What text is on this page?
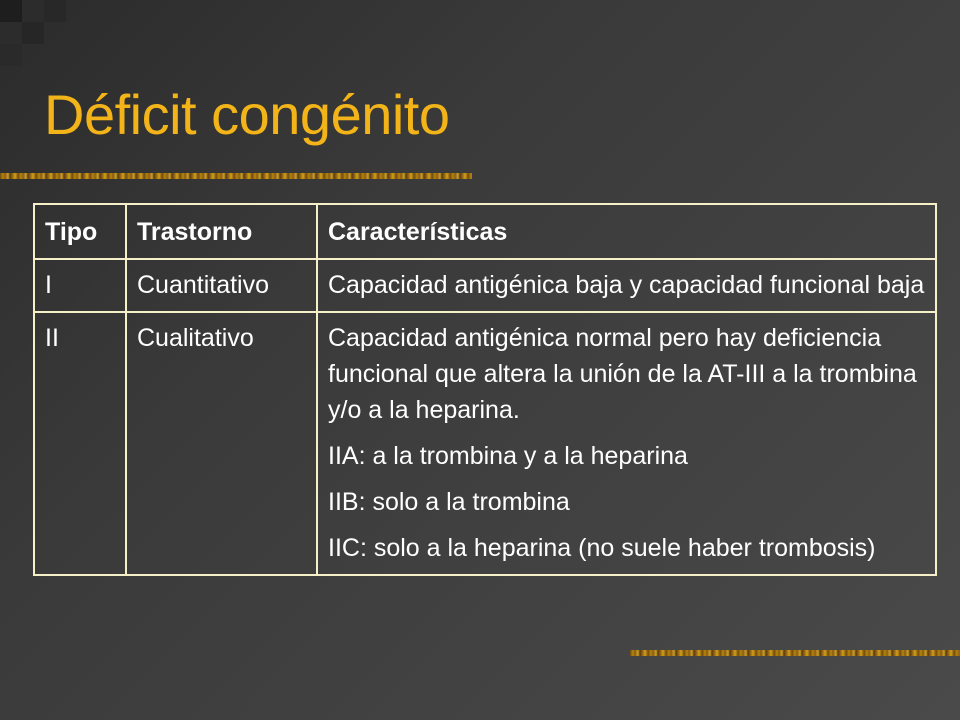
Déficit congénito
Tipo	Trastorno	Características
I	Cuantitativo	Capacidad antigénica baja y capacidad funcional baja

II	Cualitativo	Capacidad antigénica normal pero hay deficiencia funcional que altera la unión de la AT-III a la trombina y/o a la heparina.

IIA: a la trombina y a la heparina

IIB: solo a la trombina

IIC: solo a la heparina (no suele haber trombosis)
